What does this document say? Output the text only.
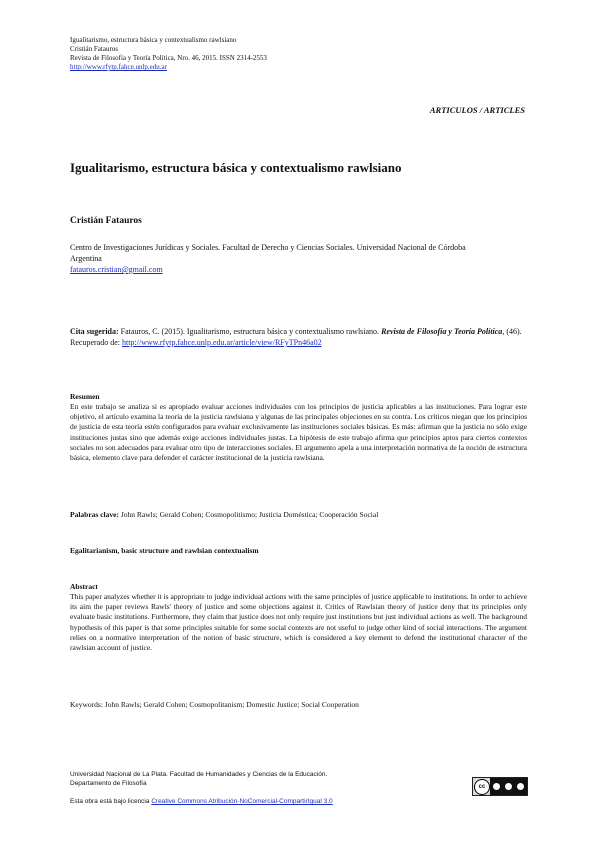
Igualitarismo, estructura básica y contextualismo rawlsiano
Cristián Fatauros
Revista de Filosofía y Teoría Política, Nro. 46, 2015. ISSN 2314-2553
http://www.rfytp.fahce.unlp.edu.ar
ARTICULOS / ARTICLES
Igualitarismo, estructura básica y contextualismo rawlsiano
Cristián Fatauros
Centro de Investigaciones Jurídicas y Sociales. Facultad de Derecho y Ciencias Sociales. Universidad Nacional de Córdoba
Argentina
fatauros.cristian@gmail.com
Cita sugerida: Fatauros, C. (2015). Igualitarismo, estructura básica y contextualismo rawlsiano. Revista de Filosofía y Teoría Política, (46). Recuperado de: http://www.rfytp.fahce.unlp.edu.ar/article/view/RFyTPn46a02
Resumen
En este trabajo se analiza si es apropiado evaluar acciones individuales con los principios de justicia aplicables a las instituciones. Para lograr este objetivo, el artículo examina la teoría de la justicia rawlsiana y algunas de las principales objeciones en su contra. Los críticos niegan que los principios de justicia de esta teoría estén configurados para evaluar exclusivamente las instituciones sociales básicas. Es más: afirman que la justicia no sólo exige instituciones justas sino que además exige acciones individuales justas. La hipótesis de este trabajo afirma que principios aptos para ciertos contextos sociales no son adecuados para evaluar otro tipo de interacciones sociales. El argumento apela a una interpretación normativa de la noción de estructura básica, elemento clave para defender el carácter institucional de la justicia rawlsiana.
Palabras clave: John Rawls; Gerald Cohen; Cosmopolitismo; Justicia Doméstica; Cooperación Social
Egalitarianism, basic structure and rawlsian contextualism
Abstract
This paper analyzes whether it is appropriate to judge individual actions with the same principles of justice applicable to institutions. In order to achieve its aim the paper reviews Rawls' theory of justice and some objections against it. Critics of Rawlsian theory of justice deny that its principles only evaluate basic institutions. Furthermore, they claim that justice does not only require just institutions but just individual actions as well. The background hypothesis of this paper is that some principles suitable for some social contexts are not useful to judge other kind of social interactions. The argument relies on a normative interpretation of the notion of basic structure, which is considered a key element to defend the institutional character of the rawlsian account of justice.
Keywords: John Rawls; Gerald Cohen; Cosmopolitanism; Domestic Justice; Social Cooperation
Universidad Nacional de La Plata. Facultad de Humanidades y Ciencias de la Educación.
Departamento de Filosofía
Esta obra está bajo licencia Creative Commons Atribución-NoComercial-CompartirIgual 3.0
cc
